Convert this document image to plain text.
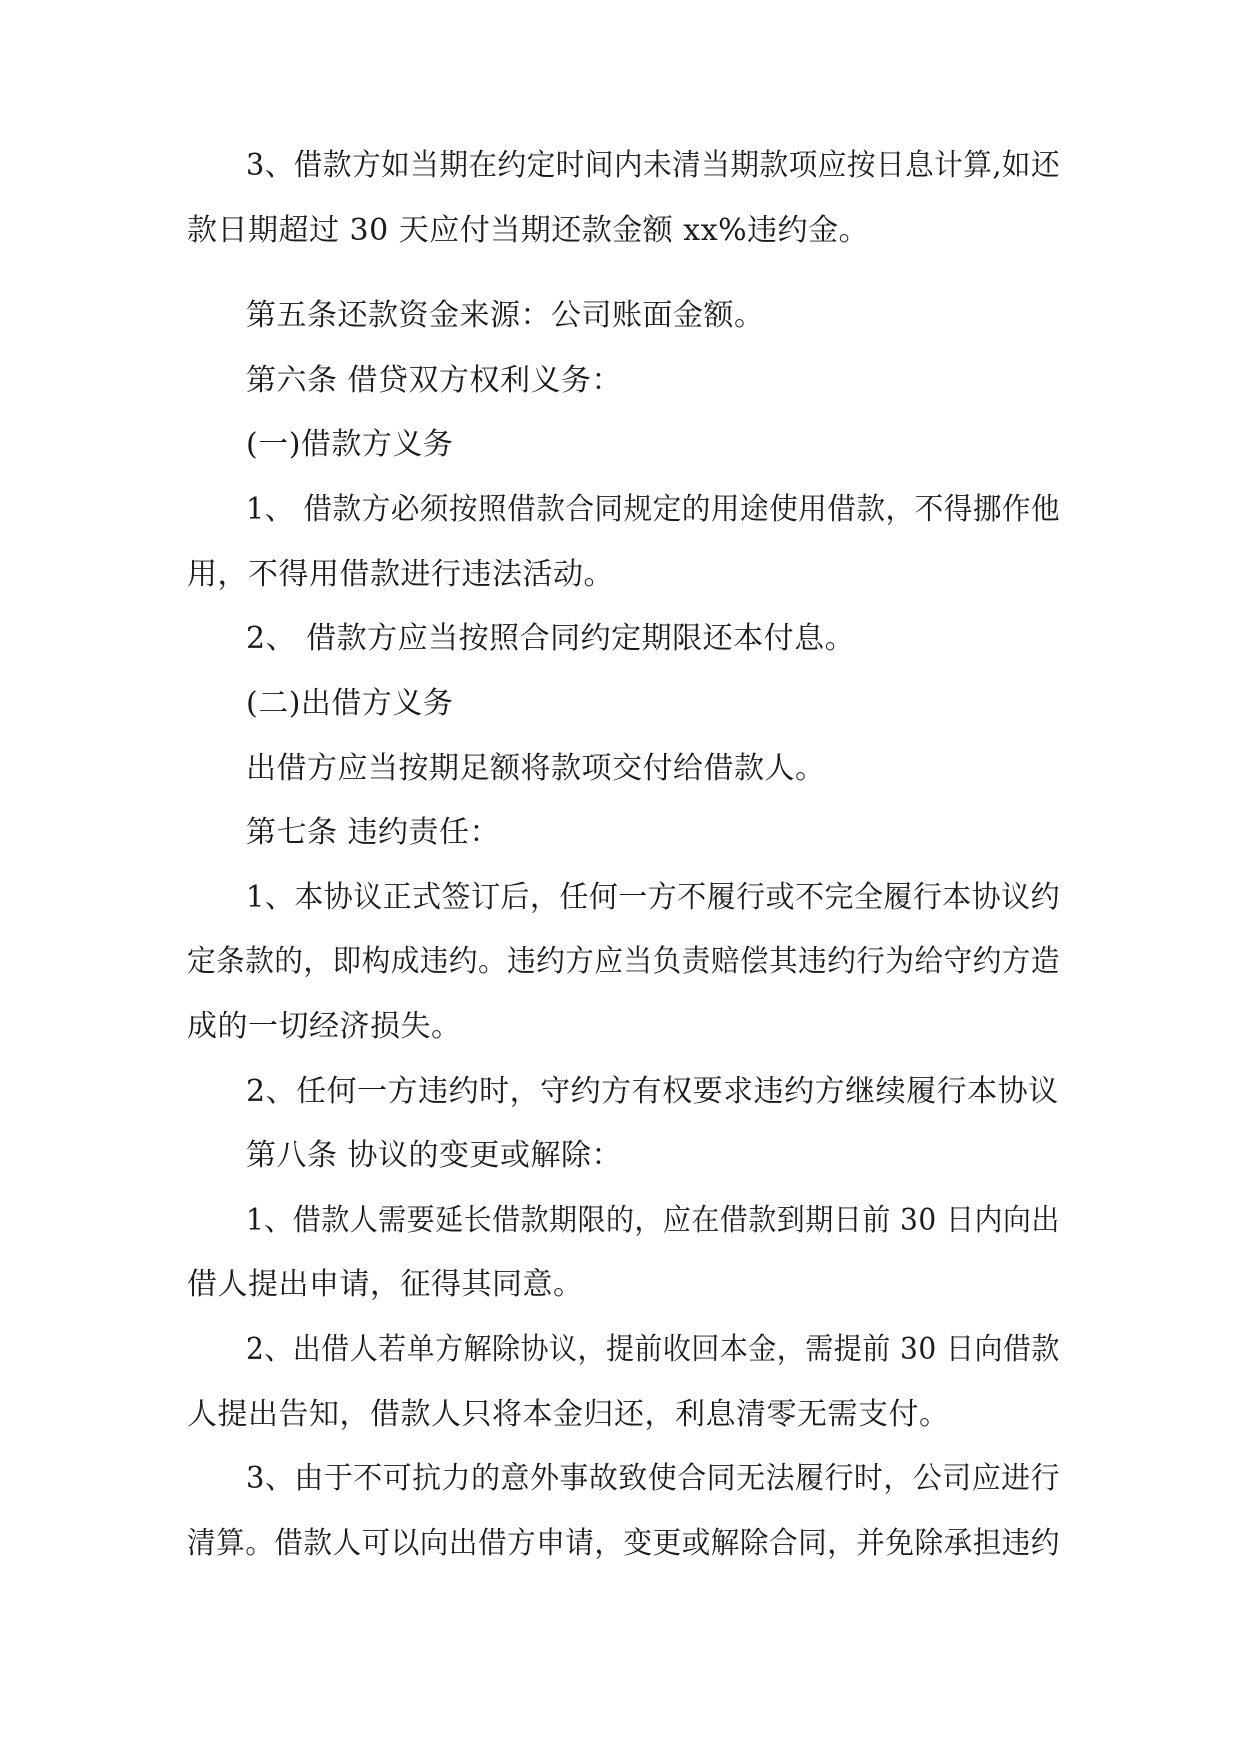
3、借款方如当期在约定时间内未清当期款项应按日息计算,如还
款日期超过 30 天应付当期还款金额 xx%违约金。
第五条还款资金来源：公司账面金额。
第六条 借贷双方权利义务：
(一)借款方义务
1、 借款方必须按照借款合同规定的用途使用借款，不得挪作他
用，不得用借款进行违法活动。
2、 借款方应当按照合同约定期限还本付息。
(二)出借方义务
出借方应当按期足额将款项交付给借款人。
第七条 违约责任：
1、本协议正式签订后，任何一方不履行或不完全履行本协议约
定条款的，即构成违约。违约方应当负责赔偿其违约行为给守约方造
成的一切经济损失。
2、任何一方违约时，守约方有权要求违约方继续履行本协议
第八条 协议的变更或解除：
1、借款人需要延长借款期限的，应在借款到期日前 30 日内向出
借人提出申请，征得其同意。
2、出借人若单方解除协议，提前收回本金，需提前 30 日向借款
人提出告知，借款人只将本金归还，利息清零无需支付。
3、由于不可抗力的意外事故致使合同无法履行时，公司应进行
清算。借款人可以向出借方申请，变更或解除合同，并免除承担违约
